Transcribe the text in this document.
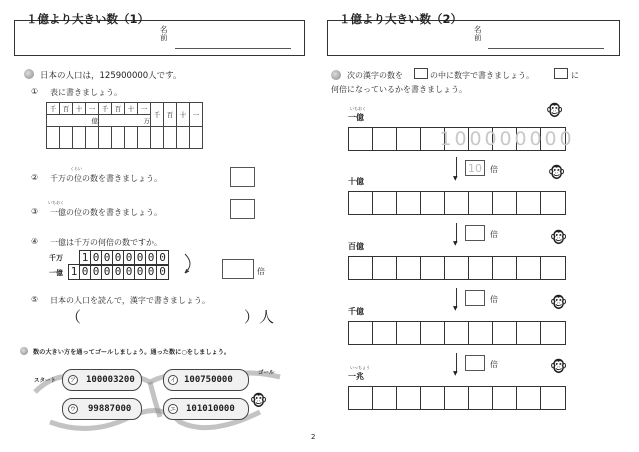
１億より大きい数（1）
名
前
日本の人口は，125900000人です。
① 表に書きましょう。
千	百	十	一	千	百	十	一	千	百	十	一
億				万							

くらい
② 千万の位の数を書きましょう。
いちおく
③ 一億の位の数を書きましょう。
④ 一億は千万の何倍の数ですか。
千万
一億
1 0 0 0 0 0 0 0
1 0 0 0 0 0 0 0 0	倍
⑤ 日本の人口を読んで，漢字で書きましょう。
（	）人
数の大きい方を通ってゴールしましょう。通った数に○をしましょう。
スタート
ゴール
ア 100003200	イ 100750000
ウ 99887000	エ 101010000 🐵
2
１億より大きい数（2）
名
前
次の漢字の数を	の中に数字で書きましょう。	に
何倍になっているかを書きましょう。
いちおく
一億	🐵
1 0 0 0 0 0 0 0 0
▼
10	倍	🐵
十億
▼
倍	🐵
百億
▼
倍	🐵
千億
▼
倍	🐵
いっちょう
一兆
